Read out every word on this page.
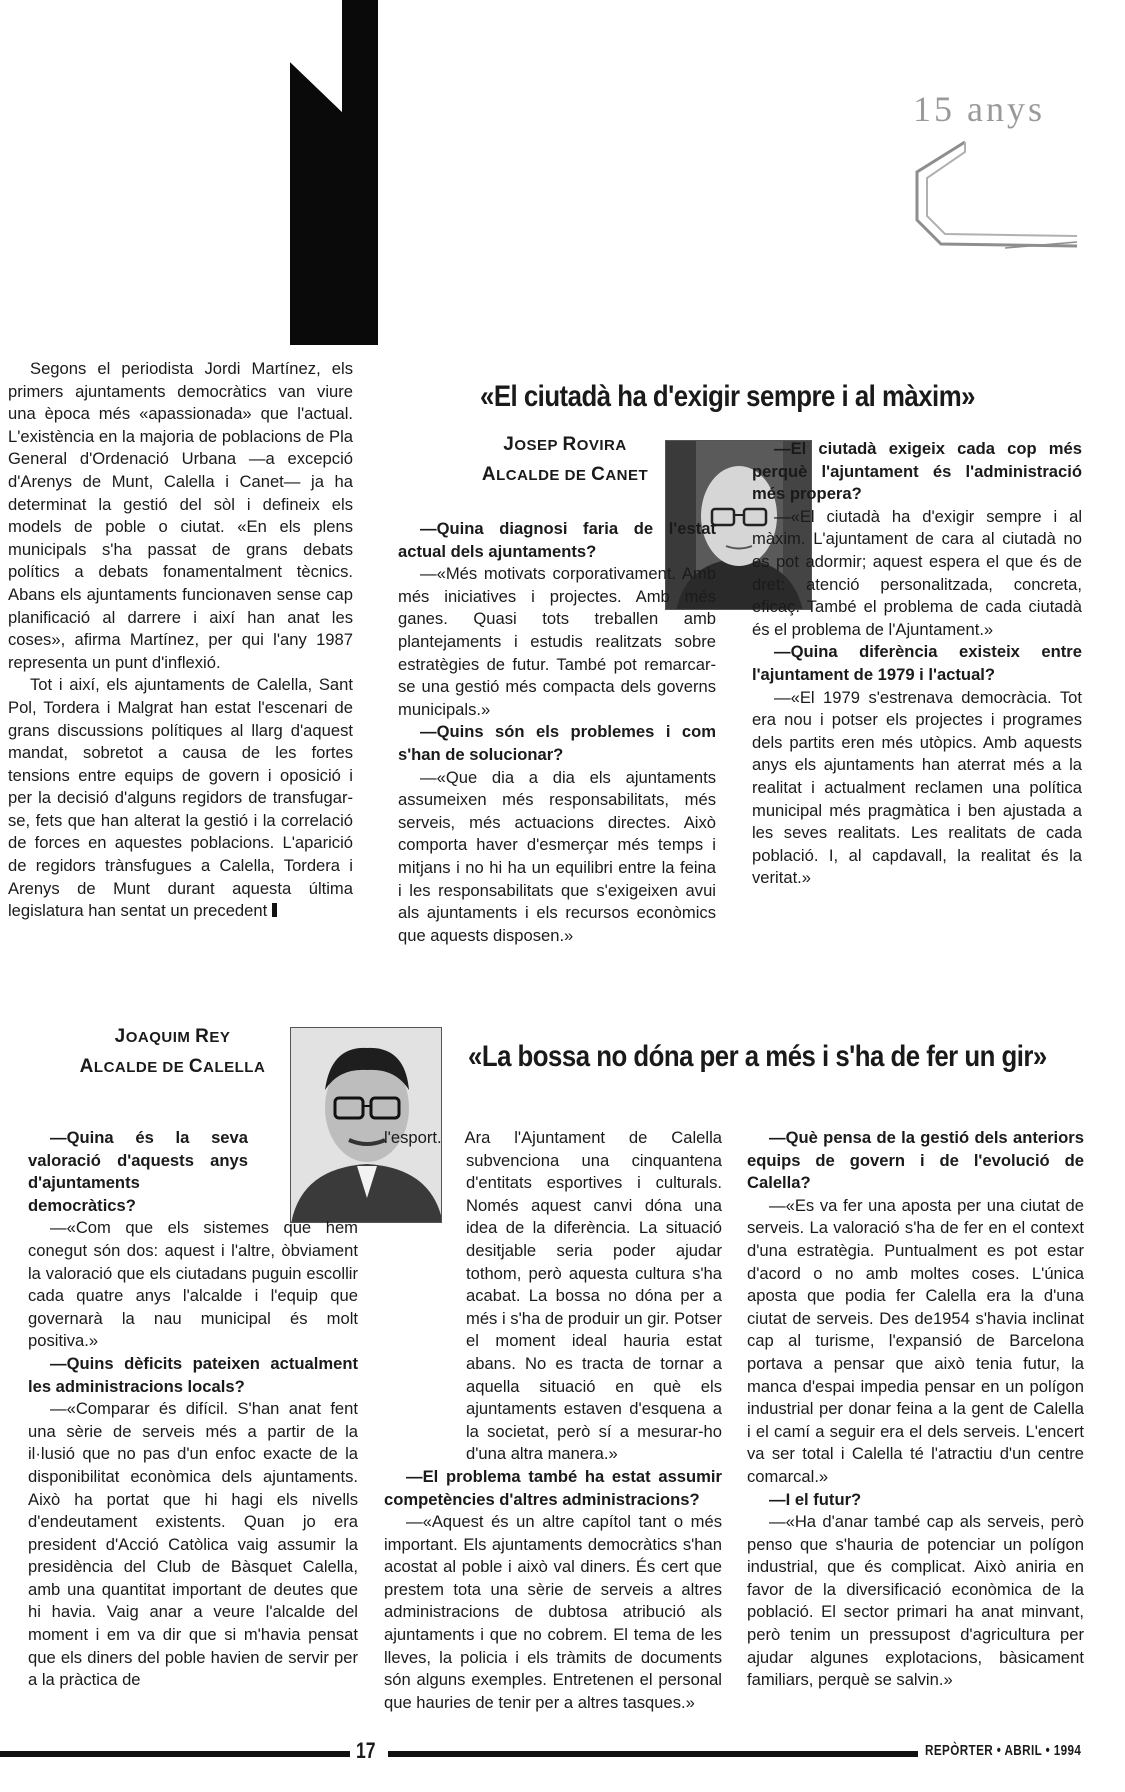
15 anys

Segons el periodista Jordi Martínez, els primers ajuntaments democràtics van viure una època més «apassionada» que l'actual. L'existència en la majoria de poblacions de Pla General d'Ordenació Urbana —a excepció d'Arenys de Munt, Calella i Canet— ja ha determinat la gestió del sòl i defineix els models de poble o ciutat. «En els plens municipals s'ha passat de grans debats polítics a debats fonamentalment tècnics. Abans els ajuntaments funcionaven sense cap planificació al darrere i així han anat les coses», afirma Martínez, per qui l'any 1987 representa un punt d'inflexió.

Tot i així, els ajuntaments de Calella, Sant Pol, Tordera i Malgrat han estat l'escenari de grans discussions polítiques al llarg d'aquest mandat, sobretot a causa de les fortes tensions entre equips de govern i oposició i per la decisió d'alguns regidors de transfugar-se, fets que han alterat la gestió i la correlació de forces en aquestes poblacions. L'aparició de regidors trànsfugues a Calella, Tordera i Arenys de Munt durant aquesta última legislatura han sentat un precedent

«El ciutadà ha d'exigir sempre i al màxim»
JOSEP ROVIRA
ALCALDE DE CANET

—Quina diagnosi faria de l'estat actual dels ajuntaments?

—«Més motivats corporativament. Amb més iniciatives i projectes. Amb més ganes. Quasi tots treballen amb plantejaments i estudis realitzats sobre estratègies de futur. També pot remarcar-se una gestió més compacta dels governs municipals.»

—Quins són els problemes i com s'han de solucionar?

—«Que dia a dia els ajuntaments assumeixen més responsabilitats, més serveis, més actuacions directes. Això comporta haver d'esmerçar més temps i mitjans i no hi ha un equilibri entre la feina i les responsabilitats que s'exigeixen avui als ajuntaments i els recursos econòmics que aquests disposen.»

—El ciutadà exigeix cada cop més perquè l'ajuntament és l'administració més propera?

—«El ciutadà ha d'exigir sempre i al màxim. L'ajuntament de cara al ciutadà no es pot adormir; aquest espera el que és de dret: atenció personalitzada, concreta, eficaç. També el problema de cada ciutadà és el problema de l'Ajuntament.»

—Quina diferència existeix entre l'ajuntament de 1979 i l'actual?

—«El 1979 s'estrenava democràcia. Tot era nou i potser els projectes i programes dels partits eren més utòpics. Amb aquests anys els ajuntaments han aterrat més a la realitat i actualment reclamen una política municipal més pragmàtica i ben ajustada a les seves realitats. Les realitats de cada població. I, al capdavall, la realitat és la veritat.»

JOAQUIM REY
ALCALDE DE CALELLA	«La bossa no dóna per a més i s'ha de fer un gir»

—Quina és la seva valoració d'aquests anys d'ajuntaments democràtics?

—«Com que els sistemes que hem conegut són dos: aquest i l'altre, òbviament la valoració que els ciutadans puguin escollir cada quatre anys l'alcalde i l'equip que governarà la nau municipal és molt positiva.»

—Quins dèficits pateixen actualment les administracions locals?

—«Comparar és difícil. S'han anat fent una sèrie de serveis més a partir de la il·lusió que no pas d'un enfoc exacte de la disponibilitat econòmica dels ajuntaments. Això ha portat que hi hagi els nivells d'endeutament existents. Quan jo era president d'Acció Catòlica vaig assumir la presidència del Club de Bàsquet Calella, amb una quantitat important de deutes que hi havia. Vaig anar a veure l'alcalde del moment i em va dir que si m'havia pensat que els diners del poble havien de servir per a la pràctica de

l'esport. Ara l'Ajuntament de Calella subvenciona una cinquantena d'entitats esportives i culturals. Només aquest canvi dóna una idea de la diferència. La situació desitjable seria poder ajudar tothom, però aquesta cultura s'ha acabat. La bossa no dóna per a més i s'ha de produir un gir. Potser el moment ideal hauria estat abans. No es tracta de tornar a aquella situació en què els ajuntaments estaven d'esquena a la societat, però sí a mesurar-ho d'una altra manera.»

—El problema també ha estat assumir competències d'altres administracions?

—«Aquest és un altre capítol tant o més important. Els ajuntaments democràtics s'han acostat al poble i això val diners. És cert que prestem tota una sèrie de serveis a altres administracions de dubtosa atribució als ajuntaments i que no cobrem. El tema de les lleves, la policia i els tràmits de documents són alguns exemples. Entretenen el personal que hauries de tenir per a altres tasques.»

—Què pensa de la gestió dels anteriors equips de govern i de l'evolució de Calella?

—«Es va fer una aposta per una ciutat de serveis. La valoració s'ha de fer en el context d'una estratègia. Puntualment es pot estar d'acord o no amb moltes coses. L'única aposta que podia fer Calella era la d'una ciutat de serveis. Des de1954 s'havia inclinat cap al turisme, l'expansió de Barcelona portava a pensar que això tenia futur, la manca d'espai impedia pensar en un polígon industrial per donar feina a la gent de Calella i el camí a seguir era el dels serveis. L'encert va ser total i Calella té l'atractiu d'un centre comarcal.»

—I el futur?

—«Ha d'anar també cap als serveis, però penso que s'hauria de potenciar un polígon industrial, que és complicat. Això aniria en favor de la diversificació econòmica de la població. El sector primari ha anat minvant, però tenim un pressupost d'agricultura per ajudar algunes explotacions, bàsicament familiars, perquè se salvin.»

17	REPÒRTER • ABRIL • 1994
